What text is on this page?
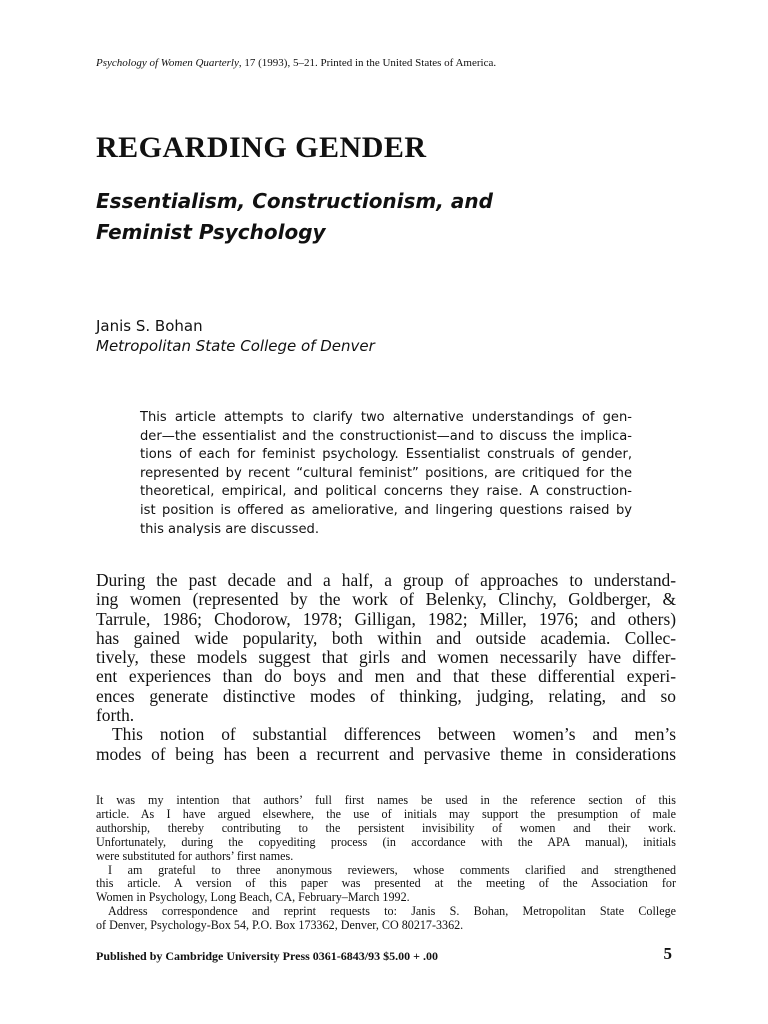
Psychology of Women Quarterly, 17 (1993), 5–21. Printed in the United States of America.
REGARDING GENDER
Essentialism, Constructionism, and
Feminist Psychology
Janis S. Bohan
Metropolitan State College of Denver
This article attempts to clarify two alternative understandings of gen-
der—the essentialist and the constructionist—and to discuss the implica-
tions of each for feminist psychology. Essentialist construals of gender,
represented by recent “cultural feminist” positions, are critiqued for the
theoretical, empirical, and political concerns they raise. A construction-
ist position is offered as ameliorative, and lingering questions raised by
this analysis are discussed.
During the past decade and a half, a group of approaches to understand-
ing women (represented by the work of Belenky, Clinchy, Goldberger, &
Tarrule, 1986; Chodorow, 1978; Gilligan, 1982; Miller, 1976; and others)
has gained wide popularity, both within and outside academia. Collec-
tively, these models suggest that girls and women necessarily have differ-
ent experiences than do boys and men and that these differential experi-
ences generate distinctive modes of thinking, judging, relating, and so
forth.
This notion of substantial differences between women’s and men’s
modes of being has been a recurrent and pervasive theme in considerations
It was my intention that authors’ full first names be used in the reference section of this
article. As I have argued elsewhere, the use of initials may support the presumption of male
authorship, thereby contributing to the persistent invisibility of women and their work.
Unfortunately, during the copyediting process (in accordance with the APA manual), initials
were substituted for authors’ first names.
I am grateful to three anonymous reviewers, whose comments clarified and strengthened
this article. A version of this paper was presented at the meeting of the Association for
Women in Psychology, Long Beach, CA, February–March 1992.
Address correspondence and reprint requests to: Janis S. Bohan, Metropolitan State College
of Denver, Psychology-Box 54, P.O. Box 173362, Denver, CO 80217-3362.
Published by Cambridge University Press 0361-6843/93 $5.00 + .00	5
